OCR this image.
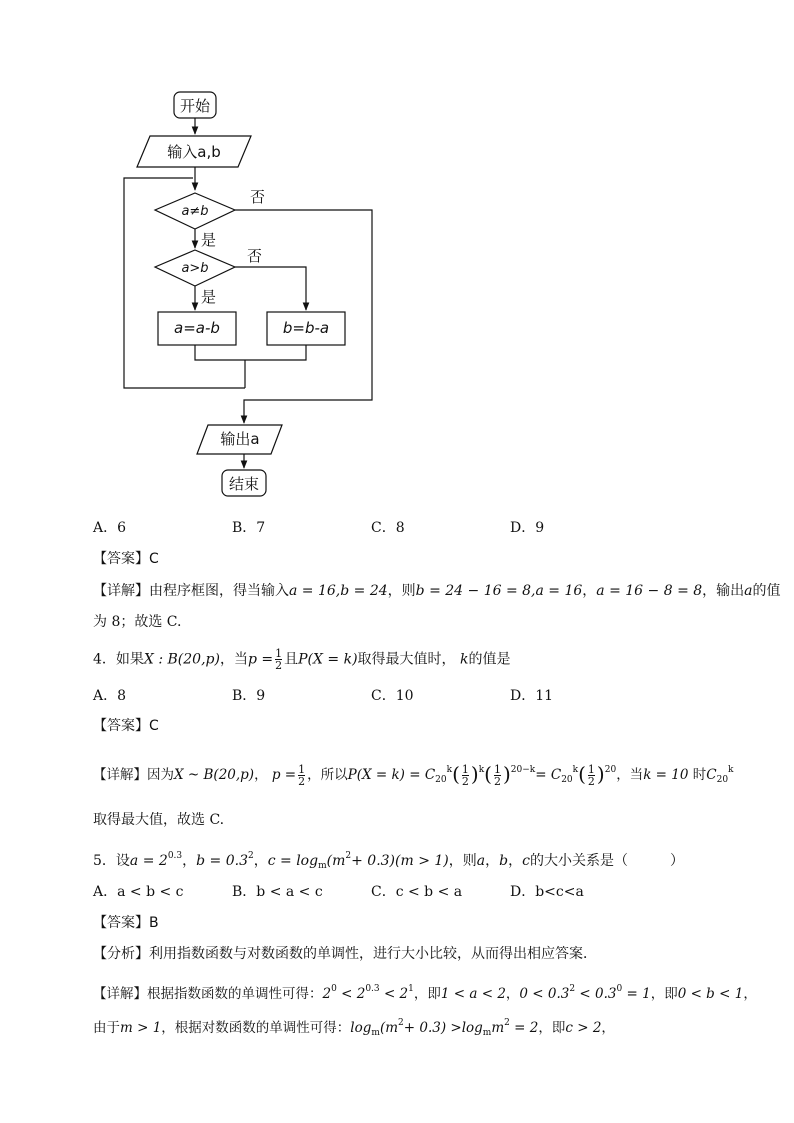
开始
输入a,b
a≠b
a>b
否
是
否
是
a=a-b	b=b-a
输出a
结束
A．6	B．7	C．8	D．9
【答案】C
【详解】由程序框图，得当输入a = 16,b = 24，则b = 24 − 16 = 8,a = 16，a = 16 − 8 = 8，输出a的值
为 8；故选 C.
4．如果X : B(20,p)，当$p = \frac{1}{2}$ 且P(X = k)取得最大值时， k的值是
A．8	B．9	C．10	D．11
【答案】C
【详解】因为X ~ B(20,p)， $p = \frac{1}{2}$ ，所以$P(X = k) = C_{20}^k( \frac{1}{2} )^k( \frac{1}{2} )^{20-k}= C_{20}^k( \frac{1}{2} )^{20}$，当k = 10 时$C_{20}^k$
取得最大值，故选 C.
5．设$a = 2^{0.3}$，$b = 0.3^2$，$c = \log_m(m^2+ 0.3)(m > 1)$，则a，b，c的大小关系是（　　　）
A．a < b < c	B．b < a < c	C．c < b < a	D．b<c<a
【答案】B
【分析】利用指数函数与对数函数的单调性，进行大小比较，从而得出相应答案．
【详解】根据指数函数的单调性可得：$2^0 < 2^{0.3} < 2^1$，即1 < a < 2，$0 < 0.3^2 < 0.3^0 = 1$，即0 < b < 1，
由于m > 1，根据对数函数的单调性可得：$\log_m(m^2+ 0.3) >\log_mm^2 = 2$，即c > 2，
